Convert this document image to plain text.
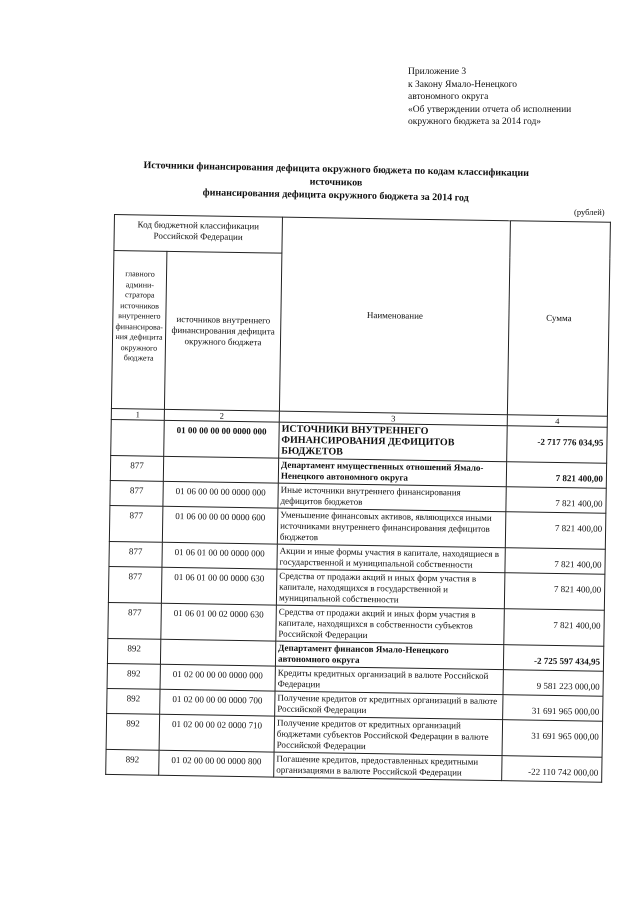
Приложение 3
к Закону Ямало-Ненецкого
автономного округа
«Об утверждении отчета об исполнении
окружного бюджета за 2014 год»
Источники финансирования дефицита окружного бюджета по кодам классификации источников
финансирования дефицита окружного бюджета за 2014 год
(рублей)
Код бюджетной классификации Российской Федерации		Наименование	Сумма
главного админи-стратора источников внутреннего финансирова-ния дефицита окружного бюджета	источников внутреннего финансирования дефицита окружного бюджета		
1	2	3	4
	01 00 00 00 00 0000 000	ИСТОЧНИКИ ВНУТРЕННЕГО ФИНАНСИРОВАНИЯ ДЕФИЦИТОВ БЮДЖЕТОВ	-2 717 776 034,95
877		Департамент имущественных отношений Ямало-Ненецкого автономного округа	7 821 400,00
877	01 06 00 00 00 0000 000	Иные источники внутреннего финансирования дефицитов бюджетов	7 821 400,00
877	01 06 00 00 00 0000 600	Уменьшение финансовых активов, являющихся иными источниками внутреннего финансирования дефицитов бюджетов	7 821 400,00
877	01 06 01 00 00 0000 000	Акции и иные формы участия в капитале, находящиеся в государственной и муниципальной собственности	7 821 400,00
877	01 06 01 00 00 0000 630	Средства от продажи акций и иных форм участия в капитале, находящихся в государственной и муниципальной собственности	7 821 400,00
877	01 06 01 00 02 0000 630	Средства от продажи акций и иных форм участия в капитале, находящихся в собственности субъектов Российской Федерации	7 821 400,00
892		Департамент финансов Ямало-Ненецкого автономного округа	-2 725 597 434,95
892	01 02 00 00 00 0000 000	Кредиты кредитных организаций в валюте Российской Федерации	9 581 223 000,00
892	01 02 00 00 00 0000 700	Получение кредитов от кредитных организаций в валюте Российской Федерации	31 691 965 000,00
892	01 02 00 00 02 0000 710	Получение кредитов от кредитных организаций бюджетами субъектов Российской Федерации в валюте Российской Федерации	31 691 965 000,00
892	01 02 00 00 00 0000 800	Погашение кредитов, предоставленных кредитными организациями в валюте Российской Федерации	-22 110 742 000,00
